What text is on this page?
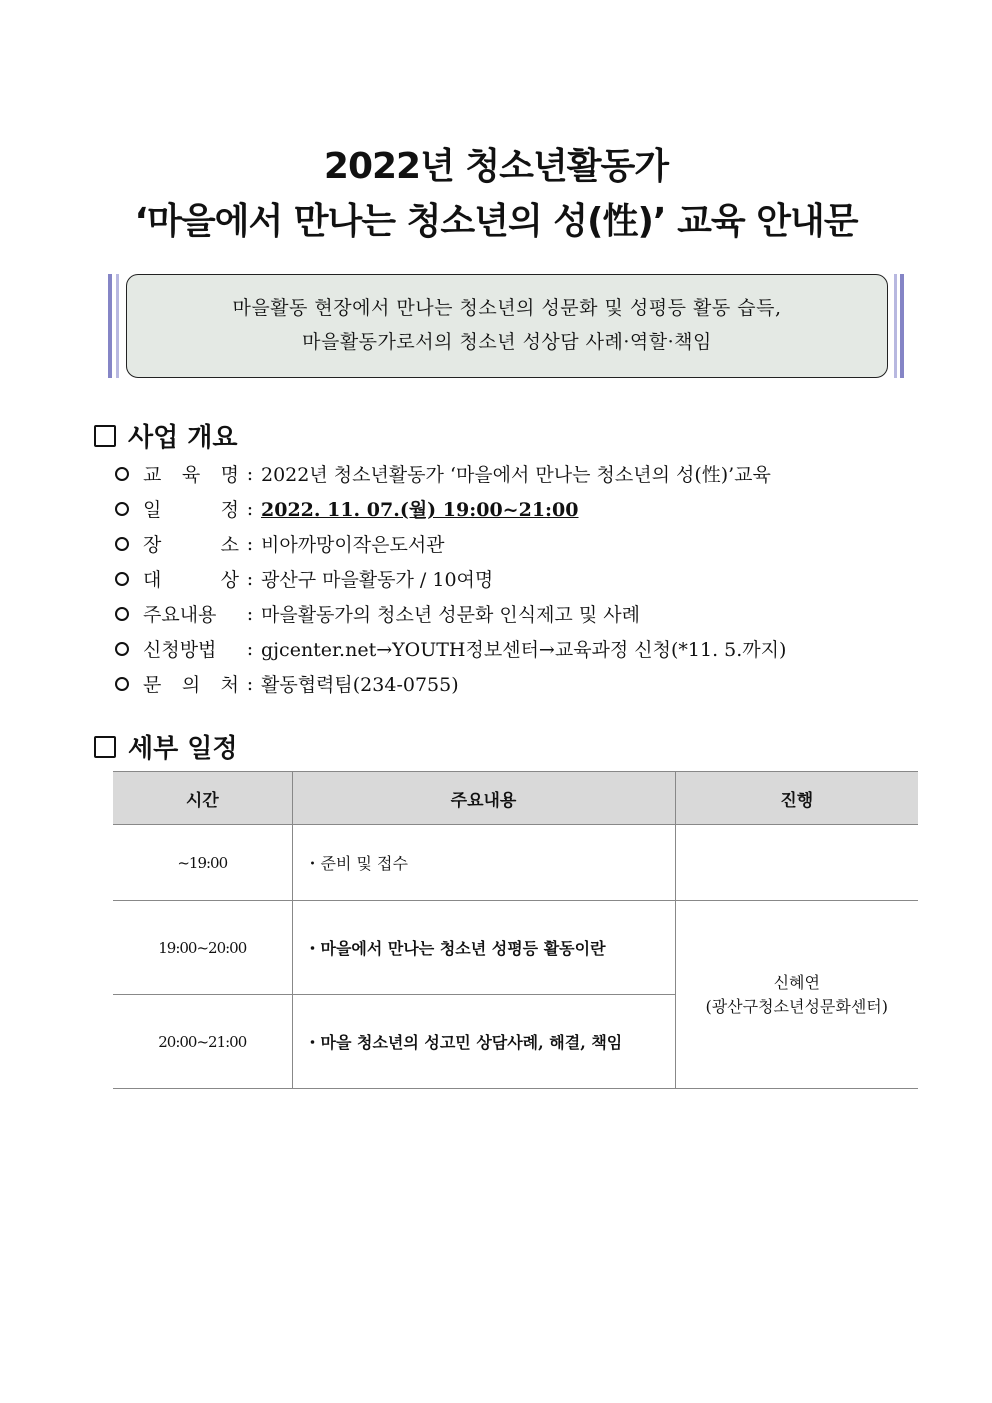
2022년 청소년활동가
‘마을에서 만나는 청소년의 성(性)’ 교육 안내문
마을활동 현장에서 만나는 청소년의 성문화 및 성평등 활동 습득,
마을활동가로서의 청소년 성상담 사례·역할·책임
사업 개요
교 육 명 : 2022년 청소년활동가 ‘마을에서 만나는 청소년의 성(性)’교육
일	정 : 2022. 11. 07.(월) 19:00~21:00
장	소 : 비아까망이작은도서관
대	상 : 광산구 마을활동가 / 10여명
주요내용	: 마을활동가의 청소년 성문화 인식제고 및 사례
신청방법	: gjcenter.net→YOUTH정보센터→교육과정 신청(*11. 5.까지)
문 의 처 : 활동협력팀(234-0755)
세부 일정
시간	주요내용	진행
~19:00	・준비 및 접수	
19:00~20:00	・마을에서 만나는 청소년 성평등 활동이란	신혜연
(광산구청소년성문화센터)

20:00~21:00	・마을 청소년의 성고민 상담사례, 해결, 책임	
